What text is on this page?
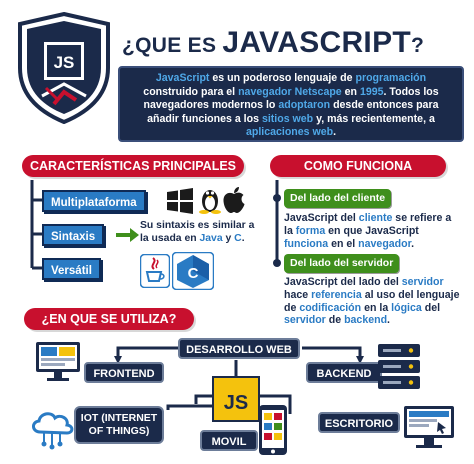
JS
¿QUE ES JAVASCRIPT?
JavaScript es un poderoso lenguaje de programación construido para el navegador Netscape en 1995. Todos los navegadores modernos lo adoptaron desde entonces para añadir funciones a los sitios web y, más recientemente, a aplicaciones web.
CARACTERÍSTICAS PRINCIPALES
Multiplataforma
Sintaxis
Versátil
Su sintaxis es similar a la usada en Java y C.
C
COMO FUNCIONA
Del lado del cliente
JavaScript del cliente se refiere a la forma en que JavaScript funciona en el navegador.
Del lado del servidor
JavaScript del lado del servidor hace referencia al uso del lenguaje de codificación en la lógica del servidor de backend.
¿EN QUE SE UTILIZA?
DESARROLLO WEB
FRONTEND	BACKEND
IOT (INTERNET OF THINGS)
MOVIL
ESCRITORIO
JS
